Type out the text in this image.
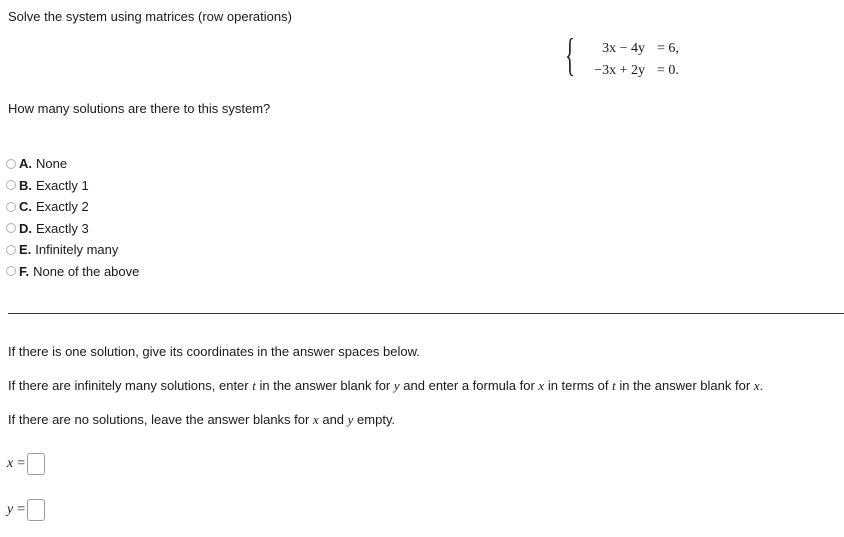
Solve the system using matrices (row operations)
{	3x − 4y = 6,
−3x + 2y = 0.
How many solutions are there to this system?
A. None
B. Exactly 1
C. Exactly 2
D. Exactly 3
E. Infinitely many
F. None of the above
If there is one solution, give its coordinates in the answer spaces below.
If there are infinitely many solutions, enter t in the answer blank for y and enter a formula for x in terms of t in the answer blank for x.
If there are no solutions, leave the answer blanks for x and y empty.
x =
y =
